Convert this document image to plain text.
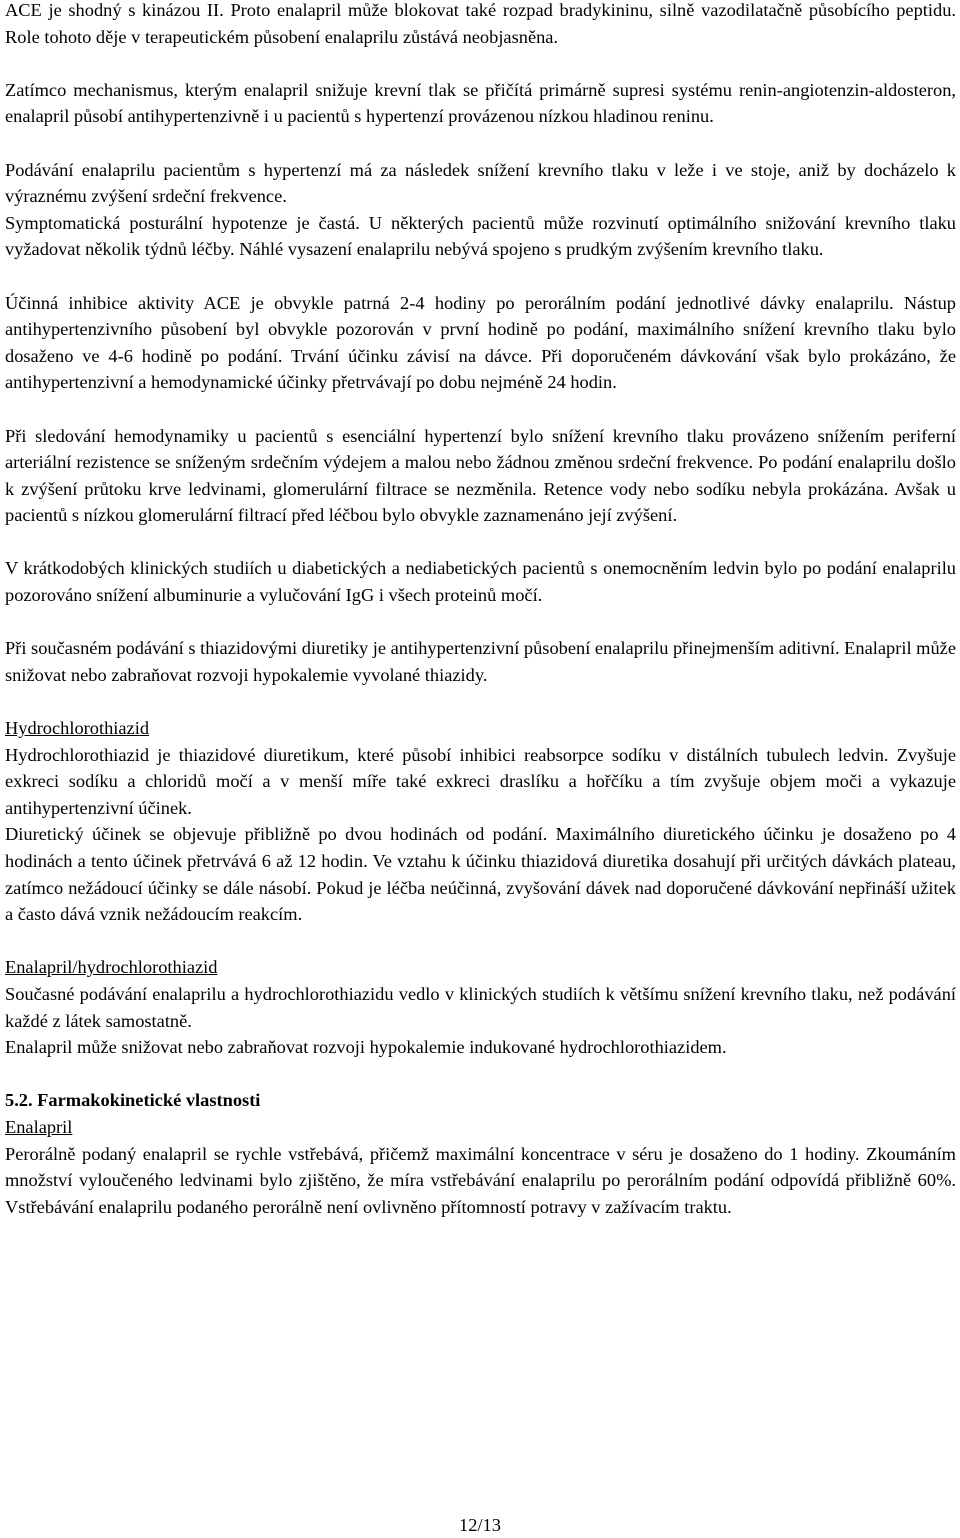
ACE je shodný s kinázou II. Proto enalapril může blokovat také rozpad bradykininu, silně vazodilatačně působícího peptidu. Role tohoto děje v terapeutickém působení enalaprilu zůstává neobjasněna.

Zatímco mechanismus, kterým enalapril snižuje krevní tlak se přičítá primárně supresi systému renin-angiotenzin-aldosteron, enalapril působí antihypertenzivně i u pacientů s hypertenzí provázenou nízkou hladinou reninu.

Podávání enalaprilu pacientům s hypertenzí má za následek snížení krevního tlaku v leže i ve stoje, aniž by docházelo k výraznému zvýšení srdeční frekvence.

Symptomatická posturální hypotenze je častá. U některých pacientů může rozvinutí optimálního snižování krevního tlaku vyžadovat několik týdnů léčby. Náhlé vysazení enalaprilu nebývá spojeno s prudkým zvýšením krevního tlaku.

Účinná inhibice aktivity ACE je obvykle patrná 2-4 hodiny po perorálním podání jednotlivé dávky enalaprilu. Nástup antihypertenzivního působení byl obvykle pozorován v první hodině po podání, maximálního snížení krevního tlaku bylo dosaženo ve 4-6 hodině po podání. Trvání účinku závisí na dávce. Při doporučeném dávkování však bylo prokázáno, že antihypertenzivní a hemodynamické účinky přetrvávají po dobu nejméně 24 hodin.

Při sledování hemodynamiky u pacientů s esenciální hypertenzí bylo snížení krevního tlaku provázeno snížením periferní arteriální rezistence se sníženým srdečním výdejem a malou nebo žádnou změnou srdeční frekvence. Po podání enalaprilu došlo k zvýšení průtoku krve ledvinami, glomerulární filtrace se nezměnila. Retence vody nebo sodíku nebyla prokázána. Avšak u pacientů s nízkou glomerulární filtrací před léčbou bylo obvykle zaznamenáno její zvýšení.

V krátkodobých klinických studiích u diabetických a nediabetických pacientů s onemocněním ledvin bylo po podání enalaprilu pozorováno snížení albuminurie a vylučování IgG i všech proteinů močí.

Při současném podávání s thiazidovými diuretiky je antihypertenzivní působení enalaprilu přinejmenším aditivní. Enalapril může snižovat nebo zabraňovat rozvoji hypokalemie vyvolané thiazidy.

Hydrochlorothiazid

Hydrochlorothiazid je thiazidové diuretikum, které působí inhibici reabsorpce sodíku v distálních tubulech ledvin. Zvyšuje exkreci sodíku a chloridů močí a v menší míře také exkreci draslíku a hořčíku a tím zvyšuje objem moči a vykazuje antihypertenzivní účinek.

Diuretický účinek se objevuje přibližně po dvou hodinách od podání. Maximálního diuretického účinku je dosaženo po 4 hodinách a tento účinek přetrvává 6 až 12 hodin. Ve vztahu k účinku thiazidová diuretika dosahují při určitých dávkách plateau, zatímco nežádoucí účinky se dále násobí. Pokud je léčba neúčinná, zvyšování dávek nad doporučené dávkování nepřináší užitek a často dává vznik nežádoucím reakcím.

Enalapril/hydrochlorothiazid

Současné podávání enalaprilu a hydrochlorothiazidu vedlo v klinických studiích k většímu snížení krevního tlaku, než podávání každé z látek samostatně.

Enalapril může snižovat nebo zabraňovat rozvoji hypokalemie indukované hydrochlorothiazidem.

5.2. Farmakokinetické vlastnosti

Enalapril

Perorálně podaný enalapril se rychle vstřebává, přičemž maximální koncentrace v séru je dosaženo do 1 hodiny. Zkoumáním množství vyloučeného ledvinami bylo zjištěno, že míra vstřebávání enalaprilu po perorálním podání odpovídá přibližně 60%. Vstřebávání enalaprilu podaného perorálně není ovlivněno přítomností potravy v zažívacím traktu.

12/13
